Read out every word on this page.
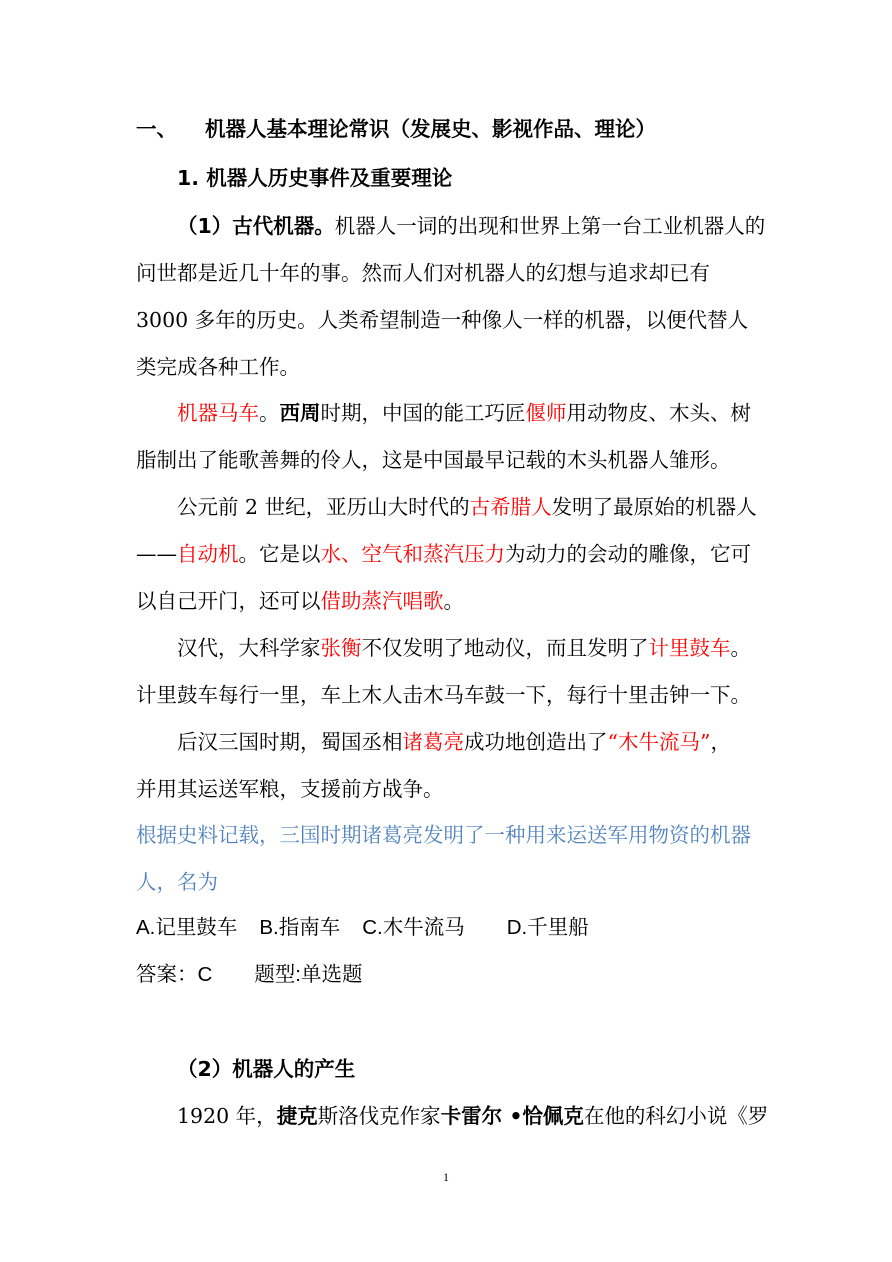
一、 机器人基本理论常识（发展史、影视作品、理论）
1. 机器人历史事件及重要理论
（1）古代机器。机器人一词的出现和世界上第一台工业机器人的
问世都是近几十年的事。然而人们对机器人的幻想与追求却已有
3000 多年的历史。人类希望制造一种像人一样的机器，以便代替人
类完成各种工作。
机器马车。西周时期，中国的能工巧匠偃师用动物皮、木头、树
脂制出了能歌善舞的伶人，这是中国最早记载的木头机器人雏形。
公元前 2 世纪，亚历山大时代的古希腊人发明了最原始的机器人
——自动机。它是以水、空气和蒸汽压力为动力的会动的雕像，它可
以自己开门，还可以借助蒸汽唱歌。
汉代，大科学家张衡不仅发明了地动仪，而且发明了计里鼓车。
计里鼓车每行一里，车上木人击木马车鼓一下，每行十里击钟一下。
后汉三国时期，蜀国丞相诸葛亮成功地创造出了“木牛流马”，
并用其运送军粮，支援前方战争。
根据史料记载，三国时期诸葛亮发明了一种用来运送军用物资的机器
人，名为
A.记里鼓车 B.指南车 C.木牛流马 D.千里船
答案：C 题型:单选题
（2）机器人的产生
1920 年，捷克斯洛伐克作家卡雷尔 •恰佩克在他的科幻小说《罗
1
